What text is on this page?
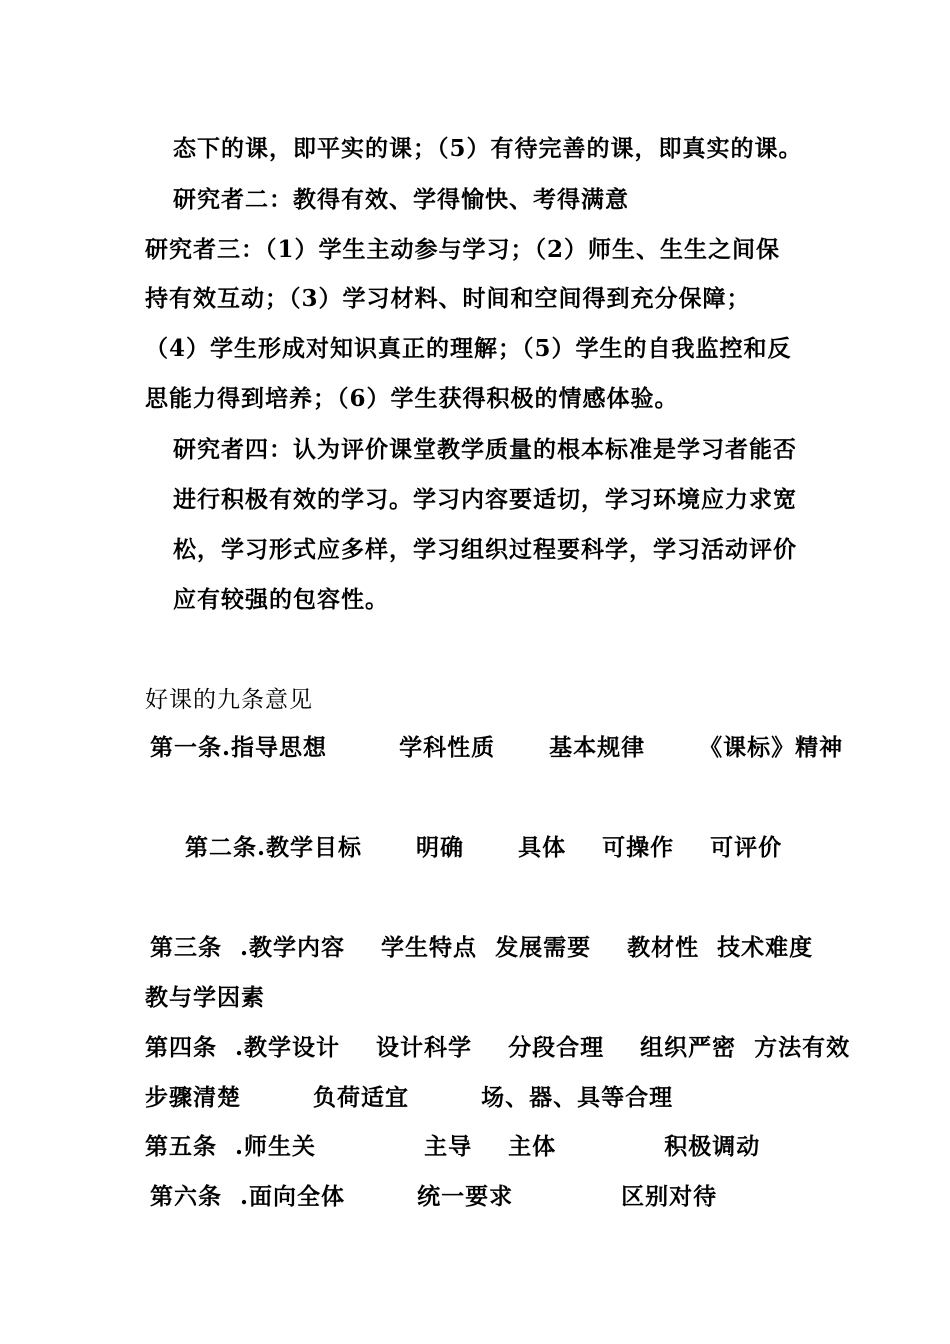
态下的课，即平实的课；（5）有待完善的课，即真实的课。
研究者二：教得有效、学得愉快、考得满意
研究者三：（1）学生主动参与学习；（2）师生、生生之间保
持有效互动；（3）学习材料、时间和空间得到充分保障；
（4）学生形成对知识真正的理解；（5）学生的自我监控和反
思能力得到培养；（6）学生获得积极的情感体验。
研究者四：认为评价课堂教学质量的根本标准是学习者能否
进行积极有效的学习。学习内容要适切，学习环境应力求宽
松，学习形式应多样，学习组织过程要科学，学习活动评价
应有较强的包容性。
好课的九条意见
第一条.指导思想        学科性质      基本规律      《课标》精神
第二条.教学目标      明确      具体    可操作    可评价
第三条  .教学内容    学生特点  发展需要    教材性  技术难度
教与学因素
第四条  .教学设计    设计科学    分段合理    组织严密  方法有效
步骤清楚        负荷适宜        场、器、具等合理
第五条  .师生关            主导    主体            积极调动
第六条  .面向全体        统一要求            区别对待
